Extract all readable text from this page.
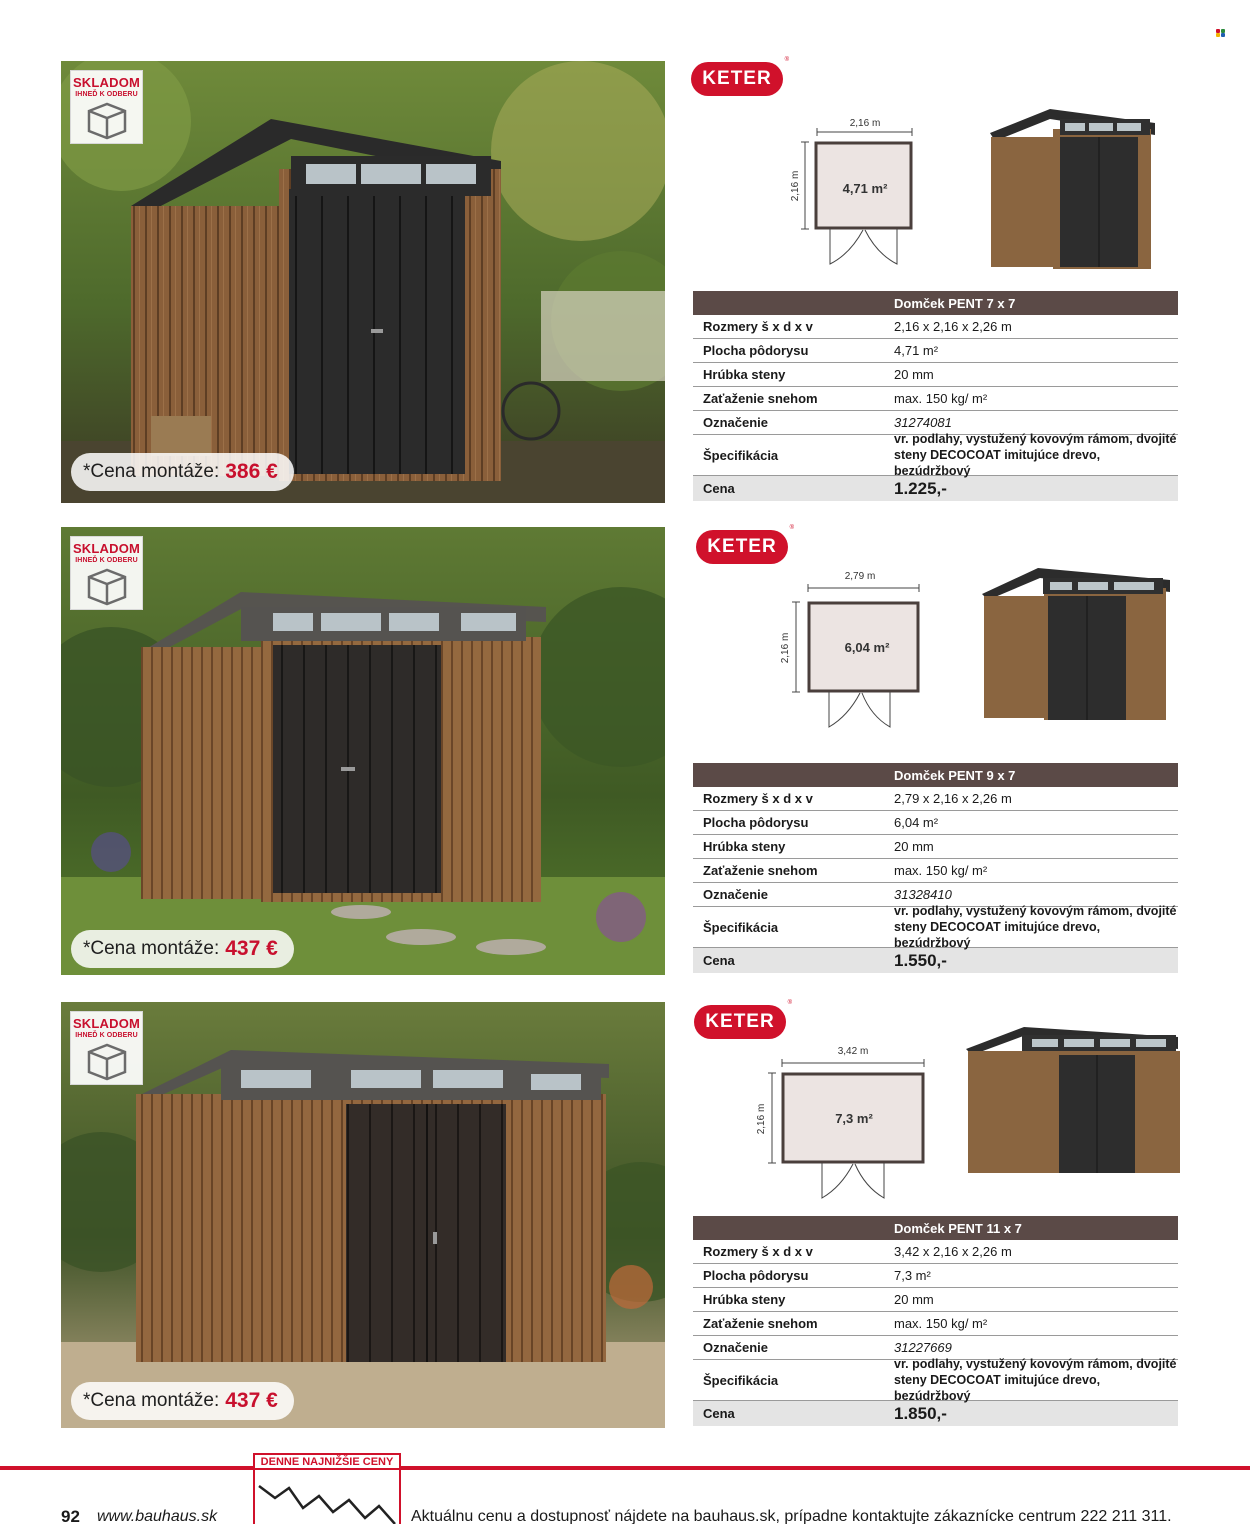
SKLADOM
IHNEĎ K ODBERU
*Cena montáže: 386 €
KETER
®
2,16 m
2,16 m	4,71 m²
Domček PENT 7 x 7
Rozmery š x d x v	2,16 x 2,16 x 2,26 m
Plocha pôdorysu	4,71 m²
Hrúbka steny	20 mm
Zaťaženie snehom	max. 150 kg/ m²
Označenie	31274081
Špecifikácia
vr. podlahy, vystužený kovovým rámom, dvojité steny DECOCOAT imitujúce drevo, bezúdržbový
Cena	1.225,-
SKLADOM
IHNEĎ K ODBERU
*Cena montáže: 437 €
KETER
®
2,79 m
2,16 m	6,04 m²
Domček PENT 9 x 7
Rozmery š x d x v	2,79 x 2,16 x 2,26 m
Plocha pôdorysu	6,04 m²
Hrúbka steny	20 mm
Zaťaženie snehom	max. 150 kg/ m²
Označenie	31328410
Špecifikácia
vr. podlahy, vystužený kovovým rámom, dvojité steny DECOCOAT imitujúce drevo, bezúdržbový
Cena	1.550,-
SKLADOM
IHNEĎ K ODBERU
*Cena montáže: 437 €
KETER
®
3,42 m
2,16 m	7,3 m²
Domček PENT 11 x 7
Rozmery š x d x v	3,42 x 2,16 x 2,26 m
Plocha pôdorysu	7,3 m²
Hrúbka steny	20 mm
Zaťaženie snehom	max. 150 kg/ m²
Označenie	31227669
Špecifikácia
vr. podlahy, vystužený kovovým rámom, dvojité steny DECOCOAT imitujúce drevo, bezúdržbový
Cena	1.850,-
92 www.bauhaus.sk
DENNE NAJNIŽŠIE CENY
Aktuálnu cenu a dostupnosť nájdete na bauhaus.sk, prípadne kontaktujte zákaznícke centrum 222 211 311.
